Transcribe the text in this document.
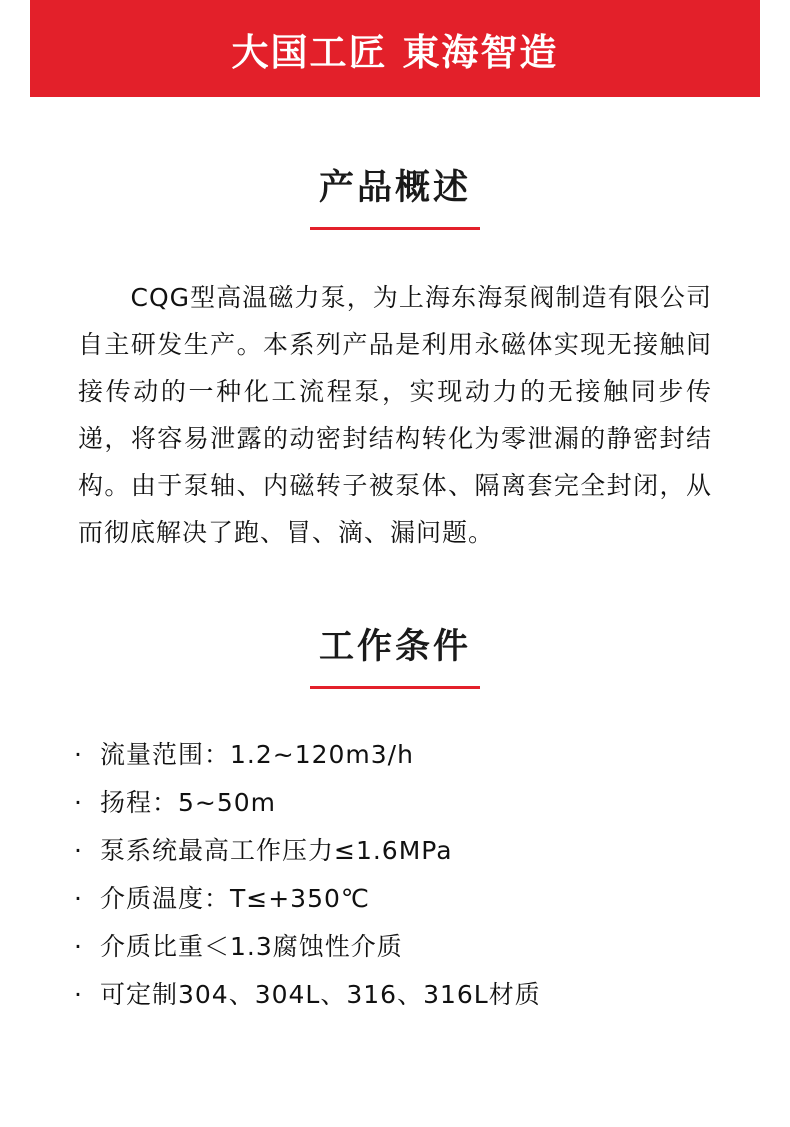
大国工匠 東海智造
产品概述
CQG型高温磁力泵，为上海东海泵阀制造有限公司自主研发生产。本系列产品是利用永磁体实现无接触间接传动的一种化工流程泵，实现动力的无接触同步传递，将容易泄露的动密封结构转化为零泄漏的静密封结构。由于泵轴、内磁转子被泵体、隔离套完全封闭，从而彻底解决了跑、冒、滴、漏问题。
工作条件
· 流量范围：1.2~120m3/h
· 扬程：5~50m
· 泵系统最高工作压力≤1.6MPa
· 介质温度：T≤+350℃
· 介质比重＜1.3腐蚀性介质
· 可定制304、304L、316、316L材质
